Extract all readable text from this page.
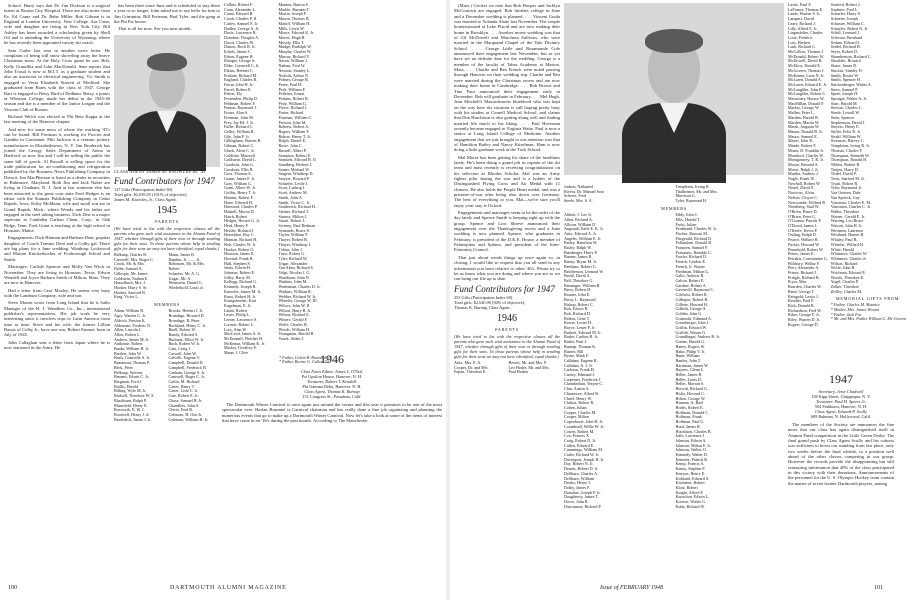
School. Harry says that Dr. Jim Dickson is a surgical intern at Boston City Hospital. There are also notes from Ev. Ed Crane and Dr. Bebe Miller. Bob Gilman is in England at London University, New College. Ara Conn, wife and daughter are living in New York City. Bill Ashley has been awarded a scholarship given by Shell Oil and is attending the University of Wyoming, where he has recently been appointed varsity ski coach.

Sam Cutler has sent in another news letter. He complains of being still snow shoveling away the heavy Christmas snow. At the Holy Cross game he saw Bob, Kelly Grundlitz and John MacDonald. Sam reports that John Trusal is now at M.I.T. as a graduate student and also an instructor in electrical engineering. Vic Smith is engaged to Vesta Elizabeth Starrett of Medford. She graduated from Bates with the class of 1947. George Barr is engaged to Betsy Bird of Dedham. Betsy, a junior at Wheaton College, made her debut in the 1945-46 season and she is a member of the Junior League and the Vincent Club of Boston.

Richard Welch was elected to Phi Beta Kappa at the last meeting of the Hanover chapter.

And now for some news of where the working '45's can be found. Bill Portman is working for Procter and Gamble in Cincinnati. Phil Jackson is a ceramic pottery manufacturer in Elizabethtown, N. Y. Jim Broderick has joined the Georgy Sales Department of Aetna in Hartford, so now Jim and I will be selling the public the same bill of goods. Al Russell is selling space for the trade publication for air-conditioning and refrigeration published by the Business News Publishing Company in Detroit. Jim MacPherson is listed as a dealer in securities in Baltimore, Maryland. Both Jim and Jack Nuber are living in Chatham, N. J. And at last someone else has been attracted to the great corn state Fred Hedges is an editor with the Stamats Publishing Company in Cedar Rapids, Iowa. Kirby McMann, wife and small son are in Grand Rapids, Mich., where Wendy and his father are engaged in the steel tubing business. Dick Derr is a major superstar at Cambden Carbon Chem. Corp., in Oak Ridge, Tenn. Fred Grant is teaching at the high school in Houston, Maine.

Engagements: Dick Hinman and Barbara Dent, popular daughter of Coach Tommy Dent and a Colby gal. There are big plans for a June wedding. Winthrop Lockwood and Marion Knickerbocker of Foxborough School and Smith.

Marriages: Carlisle Spencer and Molly Van Wyck in November. They are living in Houston, Texas. Edwin Wendell and Joyce Barbara Smith of Milton, Mass. They are now in Hanover.

Had a letter from Geof Mosley. He seems very busy with the Landrum Company, wife and son.

Steve Mason wrote from Long Island that he is Sales Manager of the H. J. Wandless Co., Inc., international publisher's representatives. His job work he very interesting since it involves trips to Latin America from time to time. Steve and his wife, the former Lillian Bassis of Colby Jr., have one son, Robert Emmet, born in July of 1945.

John Callaghan sent a letter from Japan where he is now stationed in the Army. He

has been there since June and is scheduled to stay there a year or so longer. John asked me to say hello for him to Jim Crimmins, Bill Portman, Bud Tyler, and the gang at the Phi Psi house.

That is all for now. See you next month.

CLASS AGENT JAMES M. KNOWLES JR. '45
Fund Contributors for 1947
127 Gifts (Participation Index 60).
Total gifts: $2,039.05 (101% of objective).
James M. Knowles, Jr., Class Agent.
1945
PARENTS
(We have tried to list with the respective classes all the parents who gave such vital assistance to the Alumni Fund of 1947, whether through gifts of their own or through sending gifts for their sons. To those parents whose help in sending gifts for their sons we may not have identified, equal thanks.)
Belknap, Charles B.
Carswell, Mrs. Roger C.
Crook, Mr. & Mrs.
Fuller, Samuel A.
Gillespie, Mr. James
Goldstein, Nathan E.
Hasselbach, Mrs. J.
Hooker, Harry S. Sr.
Hooker, Sanford B.
King, Victor L.
Mann, James B.
Rambin, Jr. ....... Jr.
Robinson, Mr. & Mrs.
Robert
Schaefer, Mr. A. G.
Ungar, Mr. A.
Weinstein, Daniel G.
Wiederhold, Louis Jr.
MEMBERS
Adam, William B.
Agry, Warren G. Jr.
Aldrich, Preston K.
Alderman, Frederic N.
Allen, Lincoln J.
Allen, Robert L.
Andrew, James M. Jr.
Anthoine, Robert
Banks, William H. Jr.
Bartlett, John W.
Beals, Granville A. Jr.
Beaumont, Thomas P.
Beck, Peter
Belknap, Stevens
Bennett, Edwin C. Jr.
Bergman, Ford J.
Biallis, Harold
Billing, Wyle M. Jr.
Birdsell, Theodore W. S.
Blackburn, Ralph P.
Blansfield, Henry E.
Bosworth, E. W. J.
Boutwell, Henry J. Jr.
Brodedick, James J. Jr.
Brooks, Herbert J. Jr.
Brundage, Howard D.
Brundage, R. Peter
Buckland, Henry C. Jr.
Buell, Robert W.
Bundy, Edward S.
Burbank, Elliot W. Jr.
Bush, Robert W. Jr.
Cain, Craig J.
Carwell, John W.
Calvelli, Eugene V.
Campbell, Donald D.
Campbell, Frederick B.
Canham, George S. Jr.
Cantwell, Roger C. Jr.
Carlin, M. Richard
Carter, Henry T.
Carter, Lisle C. Jr.
Cate, Robert E. Jr.
Chase, Samuel R. Jr.
Chandlers, John S.
Clerin, Fred B.
Coleman, H. Oon Jr.
Coleman, William H. Jr.
Collins, Robert F.
Conn, Alexander L.
Crane, Edward B.
Crook, Charles P. II
Curley, Samuel E. Jr.
Dadley, George A. Jr.
Davis, Lawrence B.
Donahue, Douglas A.
Dowd, Charles W.
Dutton, Rock R. Jr.
Eckels, James C.
Edson, Eugene H.
Ehinger, George Jr.
Elder, Cornwell C. Jr.
Elkins, Herbert C.
Erskine, Richard M.
Englund, Charles B.
Farrar, John H. Jr.
Farrel, Robert E.
Felton, Ely
Fessenden, Philip D.
Feldman, Robert F.
Fenton, Raymond J.
Foster, Alan S.
Freeman, John M.
Frey, Jay Ed. J. Jr.
Fuller, Richard C.
Gelley, William R.
Gile, John F. Jr.
Gillingham, Warren B.
Gilman, Robert C.
Gluek, Alvin C. Jr.
Goldfine, Maxwell
Goldstein, David L.
Goodwin, John G.
Goodwin, Ellis R.
Goss, Thomas E.
Grann, James F. Jr.
Gray, William G.
Grant, Albert W. Jr.
Griffin, Henry T. Jr.
Hansen, Robert F.
Harte, Edward H.
Harwood, Charles P.
Haskell, Myron D.
Hatch, Robert
Hedges, Horace G. Jr.
Herd, Henry F.
Heisler, Richard J.
Hesseltine, Roy C.
Hinman, Richard H.
Holt, Charles W. Jr.
Hooker, Robert O.
Houston, James E.
Howard, Frank B.
Hull, Stephen S.
Jenks, Edwin H.
Johnson, Robert E.
Jolley, Harry M.
Kellogg, Richard G.
Kennedy, Joseph R.
Knowles, James M. Jr.
Knox, Robert H. Jr.
Konigsbacher, Kurt
Kugelman, E. Jr.
Lands, Robert
Lewis, Philip L.
Lerner, Lawrence S.
Loomis, Robert L.
Lory, Alan W.
MacLeod, James A. Jr.
McDonnell, Fletcher H.
McKenna, William K. Jr.
Maclay, Geoffrey E.
Mann, J. Clive
Manton, Burton S.
Marble, Burnam T.
Martin, Joseph F.
Mason, Thomas B.
Mattiff, William H.
Mills, Lewis W.
Moore, Edward K. Jr.
Morris, Hugh R.
Mosely, Ellis T.
Mudge, Rudolph W.
Murphy, Charles W.
Murray, Richard V.
Nason, William J.
Nathan, Fred W.
Newton, Stanley L.
Nichols, Arthur N.
Palmer, George B.
Pease, Paul H.
Peck, William F.
Pelletier, Ernest
Perkins, Robert B.
Petty, William G.
Pierce, Richard J.
Porter, Richard
Portman, William C.
Preston, John M.
Roberts, Robert A.
Rogers, William F.
Rohrer, Henry T. Jr.
Rolph, Daniel E.
Rowe, John C.
Russell, Albert P.
Sampson, Robert E.
Samuels, Edward R. II
Sandberg, Herbert J.
Sauter, Michael W.
Sargent, Winthrop D.
Sawyer, Howard P.
Schaefer, Leslie J.
Scott, Ludwig J.
Scott, Andrew M.
Smith, John A.
Smith, Victor C. Jr.
Southwick, Richard H.
Steiner, Richard T.
Strauss, Milton J.
Stuart, Robert J.
Sweeny, Paul Redman
Symonds, Bruce S.
Taylor, William P.
Thayer, Robert B.
Thayer, Winthrop J.
Tobias, John J.
Trust, Robert G.
Tyler, Richard W.
Ungar, Alexander
Van Aken, Richard S.
Volpi, Nicolas J. G.
Washburn, John N.
Watkins, John M.
Watterman, Charles D. Jr.
Watkins, William R.
Webber, Richard W. Jr.
Wheeler, George W. III
Wilcox, John W. II
Wilson, Harry B. Jr.
Wilson, Richard E.
Witters, Gerald F.
Wolfe, Charles B.
Woods, William H.
Youngman, Harold R.
Yourk, Alden J.
* Father, Calvin B. Brainerd '12
* Father, Recine G. Galler '22
1946
Class Notes Editor, James L. O'Neil.
Psi Upsilon House, Hanover, N. H.
Treasurer, Robert T. Kendall.
Phi Gamma Delta, Hanover, N. H.
Class Agent, Thomas K. Burnap
151 Congress St., Pasadena, Calif.

The Dartmouth Winter Carnival is once again just around the corner and this year it promises to be one of the most spectacular ever. Harlan Brunniel is Carnival chairman and has really done a fine job organizing and planning the numerous events that go to make up a Dartmouth Winter Carnival. Now let's take a look at some of the items of interest that have come in on '46's during the past month. According to The Manchester

100	DARTMOUTH ALUMNI MAGAZINE

(Mass.) Cricket we note that Bob Hooper and Jacklyn McCormick are engaged. Bob finishes college in June and a December wedding is planned. . . . Vincent Guida was married to Yolanda Abate last November. The couple honeymooned at Lake Placid and are now making their home in Brooklyn. . . . Another recent wedding was that of Gil McDowell and Marchesa Sullivan, who were married in the Marquand Chapel of the Yale Divinity School. . . . George Little and Rosamonde Cole announced their engagement last November, but as yet have set no definite date for the wedding. George is a member of the faculty of Tabor Academy at Marion, Mass. . . . Charlie and Bea French were noted passing through Hanover on their wedding trip. Charlie and Bea were married during the Christmas recess and are now making their home in Cambridge. . . . Bob Brown and Tina Pace announced their engagement early in December. Bob will graduate in February. . . . Mel Hugh, Jean Mitchell's Massachusetts blueblood who was kept on the way here ski vacation is still hoping pretty busy with his studies at Cornell Medical School, and claims that Don Hutchison is also getting along well and finding married life much to his liking. . . . Paul Hoveman recently became engaged to Virginia Waite. Paul is now a senior at Long Island College of Medicine. Another engagement that we just brought to our attention was that of Hamilton Bailey and Nancy Kitselman. Ham is now doing a little graduate work at the Tuck School.

Mal Morse has been getting his share of the headlines lately. He's been doing a grand job as captain of the ski team and must recently is receiving congratulations on his selection as Rhodes Scholar. Mal was an Army fighter pilot during the war and is a holder of the Distinguished Flying Cross and Air Medal with 11 clusters. He also holds the Purple Heart medal, and was a prisoner-of-war after being shot down over Germany. The best of everything to you, Mal—we're sure you'll enjoy your stay at Oxford.

Engagements and marriages seem to be the order of the day lately and Spence Smith is keeping right up with the group. Spence and Lois Shreve announced their engagement over the Thanksgiving recess and a June wedding is now planned. Spence, who graduates in February, is president of the D.K.E. House, a member of Palaeopitus and Sphinx, and president of the Inter-Fraternity Council.

That just about winds things up once again so, in closing, I would like to request that you all send in any information you have relative to other '46's. Please try to let us know what you are doing and where you are so we can bring our file up to date.

Fund Contributors for 1947
253 Gifts (Participation Index 60).
Total gifts: $2,640.00 (94% of objective).
Thomas K. Burnap, Class Agent.
1946
PARENTS
(We have tried to list with the respective classes all the parents who gave such vital assistance to the Alumni Fund of 1947, whether through gifts of their own or through sending gifts for their sons. To those parents whose help in sending gifts for their sons we may not have identified, equal thanks.)
Attix, Mrs. E. A.
Cooper, Dr. and Mrs.
Fajian, Theodore E.
Hewitt, Mr. and Mrs. P.
Leo Hodes, Mr. and Mrs.
Paul Hoden
CLASS AGENT THOMAS K. BURNAP '46
Judson, Nathaniel
Rivera, Dr. Manuel Soto
Scherer, Fred
Steele, Mrs. S. A.
Templeton, Irving R.
Thalheimer, Mr. and Mrs.
Morrison G.
Tyler, Raymond H.
MEMBERS
Abbott, I. Lee Jr.
Allen, Richard A.
Allison, William D.
Angstadt, Earle E. K. Jr.
Attix, Edward A. Jr.
Angelis, William E. Jr.
Bailey, Hamilton W.
Bailey, Ralph W.
Bamberger, Harry P.
Banner, James R.
Battey, Bryan M. Jr.
Beetham, Robert G.
Beloherson, Leonard W.
Beuhl, David A.
Bell, Theodore G.
Bensinger, William R.
Berry, Robert H.
Bonner, John E.
Berry, L. Raymond
Bishop, Robert C.
Boh, Edwin R.
Boh, Richard H.
Bolton, Gene T.
Bower, Lester H.
Boyce, Lester F. Jr.
Burkett, Edward M. Jr.
Butler, Carlton H. Jr.
Butler, Paul J.
Burnap, Thomas K.
Burner, Bill
Byrne, Mark F.
Callahan, Eugene R.
Callahan, A. J. Jr.
Carleton, Frank H.
Carney, Edmund J.
Carpenter, Frederick J.
Chamberlain, Wayne C.
Chin, Austin A.
Chisamore, Alfred B.
Chriel, Henry W.
Clafton, Robert R.
Cohen, Julian
Cooper, Charles M.
Cooper, Milton
Copenhaver, John H. Jr.
Coombsall, Willie W. Jr.
Corren, Robert M.
Cox, Francis X.
Craig, Robert D. Jr.
Cullen, Edward E.
Cummings, William M.
Cutler, Richard W. Jr.
Davenport, Joseph H. Jr.
Day, Robert N. Jr.
Dennis, Robert D. Jr.
DeShazo, Charles A.
DeShazo, William
Dierks, Henry J.
Dolby, James F.
Donahue, Joseph P. Jr.
Doughterty, James T.
Dover, John R.
Duncanson, Richard P.
Eddy, John C.
Ellis, Harold T.
Fachi, Julian
Ferdinand, Charles W. Jr.
Fischer, Duncan M.
Fitzgerald, Richard D.
Follansbee, Donald B.
Frantzen, Samuel P.
Fortunato, Renaldo C.
Fowler, Richard D.
French, Gordon E.
French, Jr. Wayne
Friedman, Milton G.
Gallo, Andrew R.
Galvin, Robert E.
Gardner, Robert A.
Gavenvill, Raymond C.
Gilchrist, Robert R.
Gillespie, Robert B.
Gillette, Howard H.
Gilbeth, George A.
Golden, John G.
Grasinski, Edmund A.
Greenberger, John J.
Griffin, Edward W.
Griffith, Wayne G.
Grundlinger, Andrew B. Jr.
Gutner, Harold G.
Haney, Rogers W.
Hahn, Philip V. Jr.
Hann, William
Hanley, John T.
Harriman, James W.
Haynes, Glenn L.
Heller, James R.
Heller, Louis D.
Heller, Morton S.
Herwitt, Richard G.
Hicks, Howard C.
Hilton, George W.
Hinman, A. Ruel
Hodes, Robert E.
Hoffman, Donald C.
Hoffman, Frank
Hoffman, Paul G.
Hurd, James R.
Hutchison, Charles B.
Jaffe, Lawrence J.
Johnson, Edwin A.
Johnson, Milton F. Jr.
Johnson, Walter O.
Kennedy, Walter D.
Kemnitz, Patrick R.
Kemp, Francis A.
Kenny, Stephen F.
Kenyon, Henry E.
Kirkland, Edward S.
Kitchener, Robert
Klotz, Robert
Knight, Alfred P.
Knowlton, Edwin L.
Koonce, Walter G.
Kuhn, Richard W.
Lacke, Paul E.
LaFrance, Thomas E.
Lamb, Warren S. Jr.
Lampert, David
Leary, Richard J.
Lilly, Alfred E. Jr.
Lingenfelter, Charles
Lorie, Frederic
Loss, Herbert
Lusk, Richard C.
McCollow, Thomas J.
McDonald, Robert W.
McDowell, David B.
McElroy, Donald E.
McGovern, Thomas J.
McKenna, Leon N. Jr.
McLaren, Donald A.
McLaren, Edward E. Jr.
McLaughlin, John F.
McLaughlin, Robert C.
Macartney, Horace W.
MacMillan, Donald F.
Maclay, George W.
Mallen, Peter L.
Marden, Harold R.
Marden, Martin W.
Marsh, Augusta W.
Mason, Donald R. Jr.
Mauro, Samuel E.
Mayer, John R.
Meade, Robert F.
Moats, D. Franklin Jr.
Montford, Charles W.
Montgomery, T. R. Jr.
Moore, Bernard S.
Morse, Ralph J. Jr.
Murtha, Andrew J.
Nagle, Frank W.
Newhall, Robert W.
Nissel, David E.
Norcross, Alvin
Nelson, Cloyce C.
Newcombe, Wilfred R.
Nirenberg, Saul W.
O'Brien, Bruce D.
O'Brien, Peter G.
O'Connor, Patrick F.
O'Dowd, James J.
O'Keefe, Kevin P.
Ostling, Ralph D.
Pearce, Wallace R.
Packer, Howard W.
Penashold, Robert W.
Peters, James E.
Petrakis, Constantine G.
Pillsbury, Wilbur F.
Pieri, Alexander A.
Prince, Richard J.
Pringle, Richard B.
Pryor, Max
Rearden, Charles W.
Reed, George T.
Reingold, Lewis J.
Reuther, Paul F.
Rich, Donald B.
Richardson, Fred W.
Riker, George F. Jr.
Riley, Warren D. Jr.
Rogers, George D.
Sanford, Robert J.
Saulnier, Fred L.
Schaefer, Harry S.
Schaeter, Joseph
Schuster, William C.
Schuyler, Robert N. Jr.
Schiff, Leonard J.
Schwarz, Bernhard
Sedam, Edward J.
Seidel, Richard B.
Seyer, Robert D.
Shambenson, Richard C.
Shoulder, Howard
Slater, James D.
Sinclair, Stanley D.
Smith, Rosier W.
Smith, Spencer H.
Snickenberger, Walter A.
Snow, Samuel P.
Speer, Joseph H.
Springer, Walter A. Jr.
Starr, Harold M.
Stewart, Charles L.
Steele, Lowell W.
Stein, Spencer
Stephenson, David J.
Steyers, Henry E.
Stifler, Felix R. Jr.
Strahl, William W.
Swenson, Harvey C.
Templeton, Irving R. Jr.
Thomas, Charles F.
Thompson, Kenneth W.
Thompson, Ronald H.
Tibbits, Robert B.
Tietjen, Harry D.
Tisdel, David P.
Treat, Sanford M. Jr.
Trush, Robert R.
Tyler, Raymond Jr.
Van Orteren, Dale
Van Sprieck, Guy
Vincenzo, Charles E. M.
Vanrimen, Charles C. Jr.
Waller, Theodore
Warner, Gerald E. Jr.
Warring, Leo Bruce
Watson, John H. Jr.
Westmen, Laurence
Westlund, Homer R.
Whaley, Paul B.
Wheeler, Willard H.
White, Harold
Whitmore, Charles W.
Whitmore, Charles Jr.
Wilson, Richard
Wolfe, John H.
Woolman, Edward E.
Woods, Theodore E.
Yogel, Charles P.
Zelker, Theodore
Ziffley, Charles M.
MEMORIAL GIFTS FROM:
* Father, Charles M. Maurice
* Mother, Mrs. James Weston
* Father, Jack Fox
* Mr. and Mrs. Parker William G. Mc-Govern
1947
Secretary, Jesse Chadwell
158 Kipp Street, Chappaqua, N. Y.
Treasurer, Paul H. Speers Jr.
504 Parkhurst, Hanover, N. H.
Class Agent, Edward P. Scully
609 Bakman, N. Hollywood, Calif.

The members of the Society are announces the fine news that our class has again distinguished itself in Alumni Fund competition in the Little Green Derby. The final grand push by Class Agent Scully and his cohorts was sufficient to boost our standing from last place, only two weeks before the final whistle, to a position well ahead of the other classes competing in our group. However the records provide the disappointing but still reassuring information that 40% of the class participated in this victory with their donations. Announcements of the personnel for the U. S. Olympic Hockey team contain the names of seven former Dartmouth players, among

Issue of FEBRUARY 1948	101
